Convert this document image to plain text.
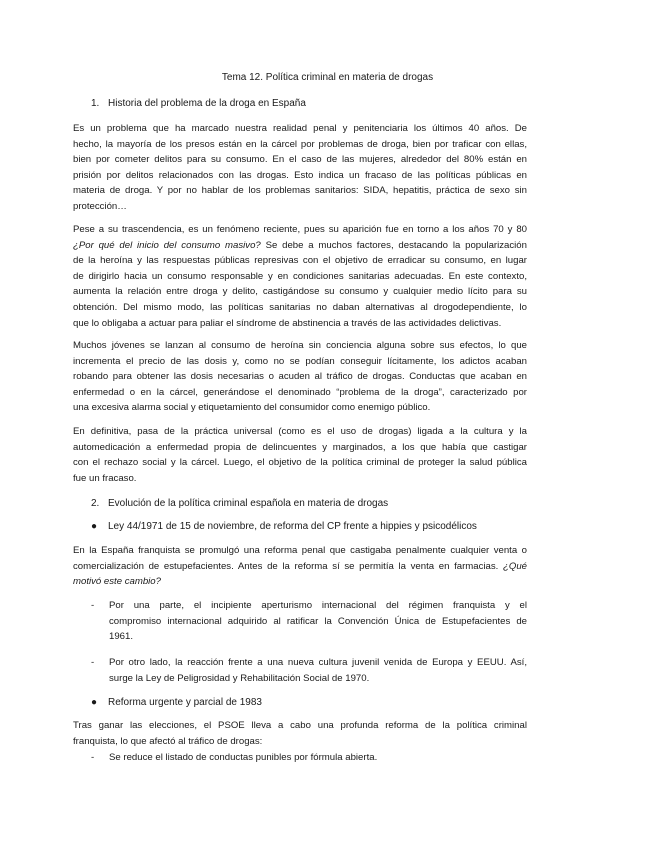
Tema 12. Política criminal en materia de drogas
1. Historia del problema de la droga en España
Es un problema que ha marcado nuestra realidad penal y penitenciaria los últimos 40 años. De
hecho, la mayoría de los presos están en la cárcel por problemas de droga, bien por traficar con ellas,
bien por cometer delitos para su consumo. En el caso de las mujeres, alrededor del 80% están en
prisión por delitos relacionados con las drogas. Esto indica un fracaso de las políticas públicas en
materia de droga. Y por no hablar de los problemas sanitarios: SIDA, hepatitis, práctica de sexo sin
protección…
Pese a su trascendencia, es un fenómeno reciente, pues su aparición fue en torno a los años 70 y 80
¿Por qué del inicio del consumo masivo? Se debe a muchos factores, destacando la popularización
de la heroína y las respuestas públicas represivas con el objetivo de erradicar su consumo, en lugar
de dirigirlo hacia un consumo responsable y en condiciones sanitarias adecuadas. En este contexto,
aumenta la relación entre droga y delito, castigándose su consumo y cualquier medio lícito para su
obtención. Del mismo modo, las políticas sanitarias no daban alternativas al drogodependiente, lo
que lo obligaba a actuar para paliar el síndrome de abstinencia a través de las actividades delictivas.
Muchos jóvenes se lanzan al consumo de heroína sin conciencia alguna sobre sus efectos, lo que
incrementa el precio de las dosis y, como no se podían conseguir lícitamente, los adictos acaban
robando para obtener las dosis necesarias o acuden al tráfico de drogas. Conductas que acaban en
enfermedad o en la cárcel, generándose el denominado “problema de la droga”, caracterizado por
una excesiva alarma social y etiquetamiento del consumidor como enemigo público.
En definitiva, pasa de la práctica universal (como es el uso de drogas) ligada a la cultura y la
automedicación a enfermedad propia de delincuentes y marginados, a los que había que castigar
con el rechazo social y la cárcel. Luego, el objetivo de la política criminal de proteger la salud pública
fue un fracaso.
2. Evolución de la política criminal española en materia de drogas
● Ley 44/1971 de 15 de noviembre, de reforma del CP frente a hippies y psicodélicos
En la España franquista se promulgó una reforma penal que castigaba penalmente cualquier venta o
comercialización de estupefacientes. Antes de la reforma sí se permitía la venta en farmacias. ¿Qué
motivó este cambio?
-	Por una parte, el incipiente aperturismo internacional del régimen franquista y el
compromiso internacional adquirido al ratificar la Convención Única de Estupefacientes de
1961.
-	Por otro lado, la reacción frente a una nueva cultura juvenil venida de Europa y EEUU. Así,
surge la Ley de Peligrosidad y Rehabilitación Social de 1970.
● Reforma urgente y parcial de 1983
Tras ganar las elecciones, el PSOE lleva a cabo una profunda reforma de la política criminal
franquista, lo que afectó al tráfico de drogas:
-	Se reduce el listado de conductas punibles por fórmula abierta.
